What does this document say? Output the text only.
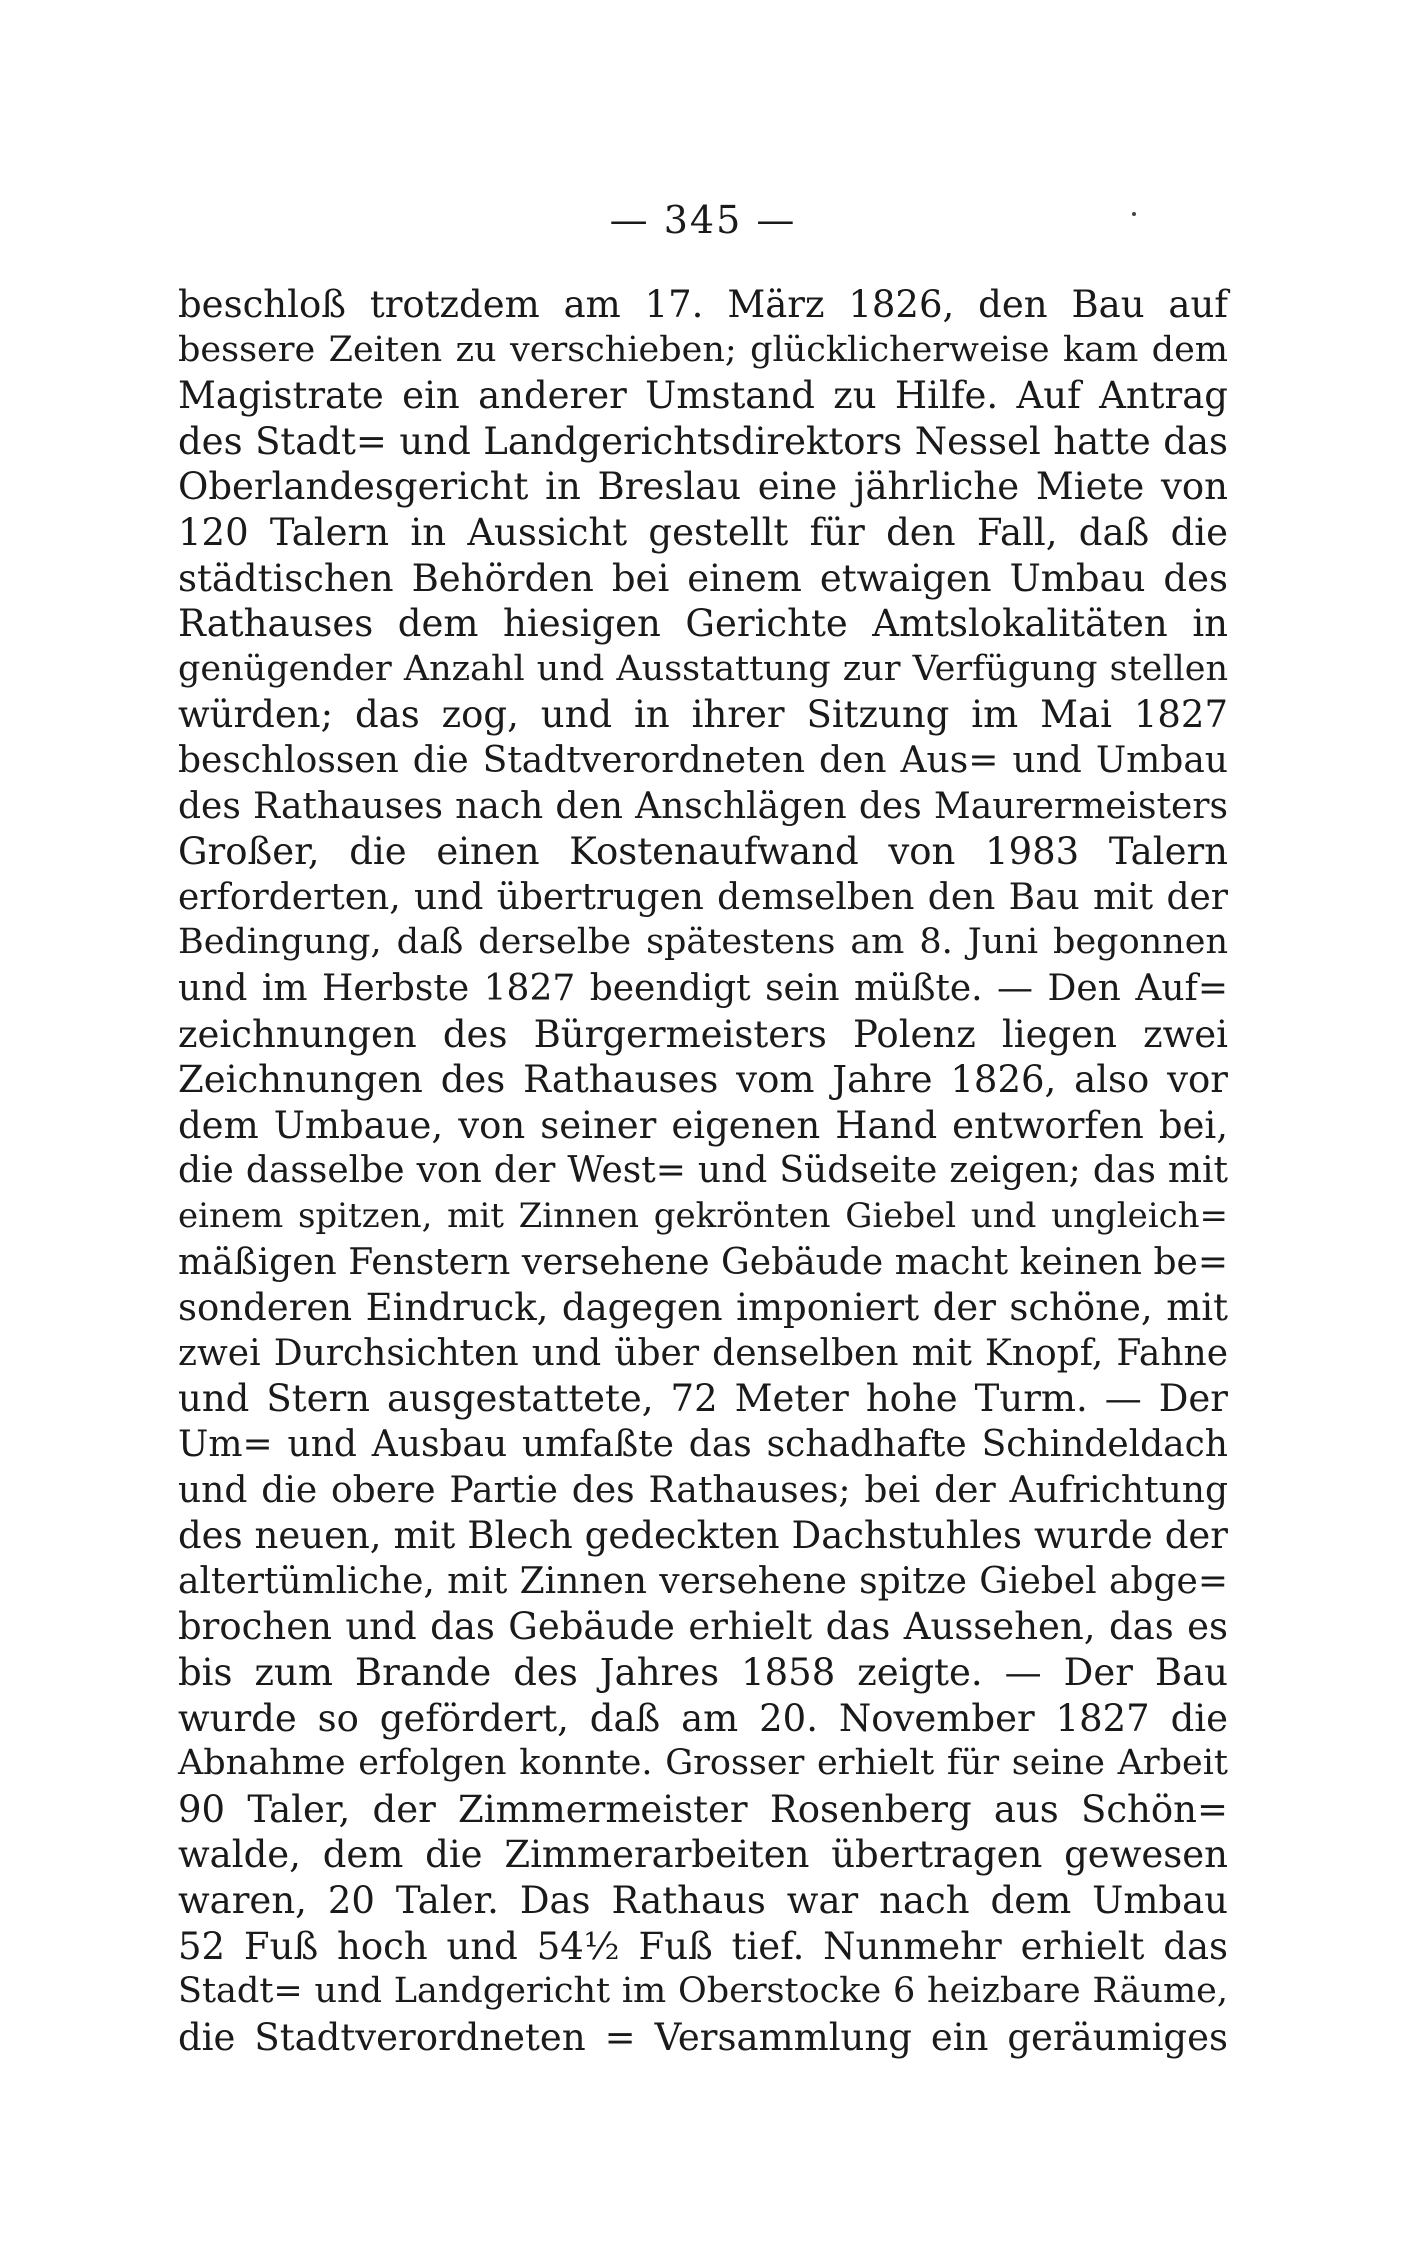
— 345 —
beschloß trotzdem am 17. März 1826, den Bau auf
bessere Zeiten zu verschieben; glücklicherweise kam dem
Magistrate ein anderer Umstand zu Hilfe. Auf Antrag
des Stadt= und Landgerichtsdirektors Nessel hatte das
Oberlandesgericht in Breslau eine jährliche Miete von
120 Talern in Aussicht gestellt für den Fall, daß die
städtischen Behörden bei einem etwaigen Umbau des
Rathauses dem hiesigen Gerichte Amtslokalitäten in
genügender Anzahl und Ausstattung zur Verfügung stellen
würden; das zog, und in ihrer Sitzung im Mai 1827
beschlossen die Stadtverordneten den Aus= und Umbau
des Rathauses nach den Anschlägen des Maurermeisters
Großer, die einen Kostenaufwand von 1983 Talern
erforderten, und übertrugen demselben den Bau mit der
Bedingung, daß derselbe spätestens am 8. Juni begonnen
und im Herbste 1827 beendigt sein müßte. — Den Auf=
zeichnungen des Bürgermeisters Polenz liegen zwei
Zeichnungen des Rathauses vom Jahre 1826, also vor
dem Umbaue, von seiner eigenen Hand entworfen bei,
die dasselbe von der West= und Südseite zeigen; das mit
einem spitzen, mit Zinnen gekrönten Giebel und ungleich=
mäßigen Fenstern versehene Gebäude macht keinen be=
sonderen Eindruck, dagegen imponiert der schöne, mit
zwei Durchsichten und über denselben mit Knopf, Fahne
und Stern ausgestattete, 72 Meter hohe Turm. — Der
Um= und Ausbau umfaßte das schadhafte Schindeldach
und die obere Partie des Rathauses; bei der Aufrichtung
des neuen, mit Blech gedeckten Dachstuhles wurde der
altertümliche, mit Zinnen versehene spitze Giebel abge=
brochen und das Gebäude erhielt das Aussehen, das es
bis zum Brande des Jahres 1858 zeigte. — Der Bau
wurde so gefördert, daß am 20. November 1827 die
Abnahme erfolgen konnte. Grosser erhielt für seine Arbeit
90 Taler, der Zimmermeister Rosenberg aus Schön=
walde, dem die Zimmerarbeiten übertragen gewesen
waren, 20 Taler. Das Rathaus war nach dem Umbau
52 Fuß hoch und 54½ Fuß tief. Nunmehr erhielt das
Stadt= und Landgericht im Oberstocke 6 heizbare Räume,
die Stadtverordneten = Versammlung ein geräumiges
